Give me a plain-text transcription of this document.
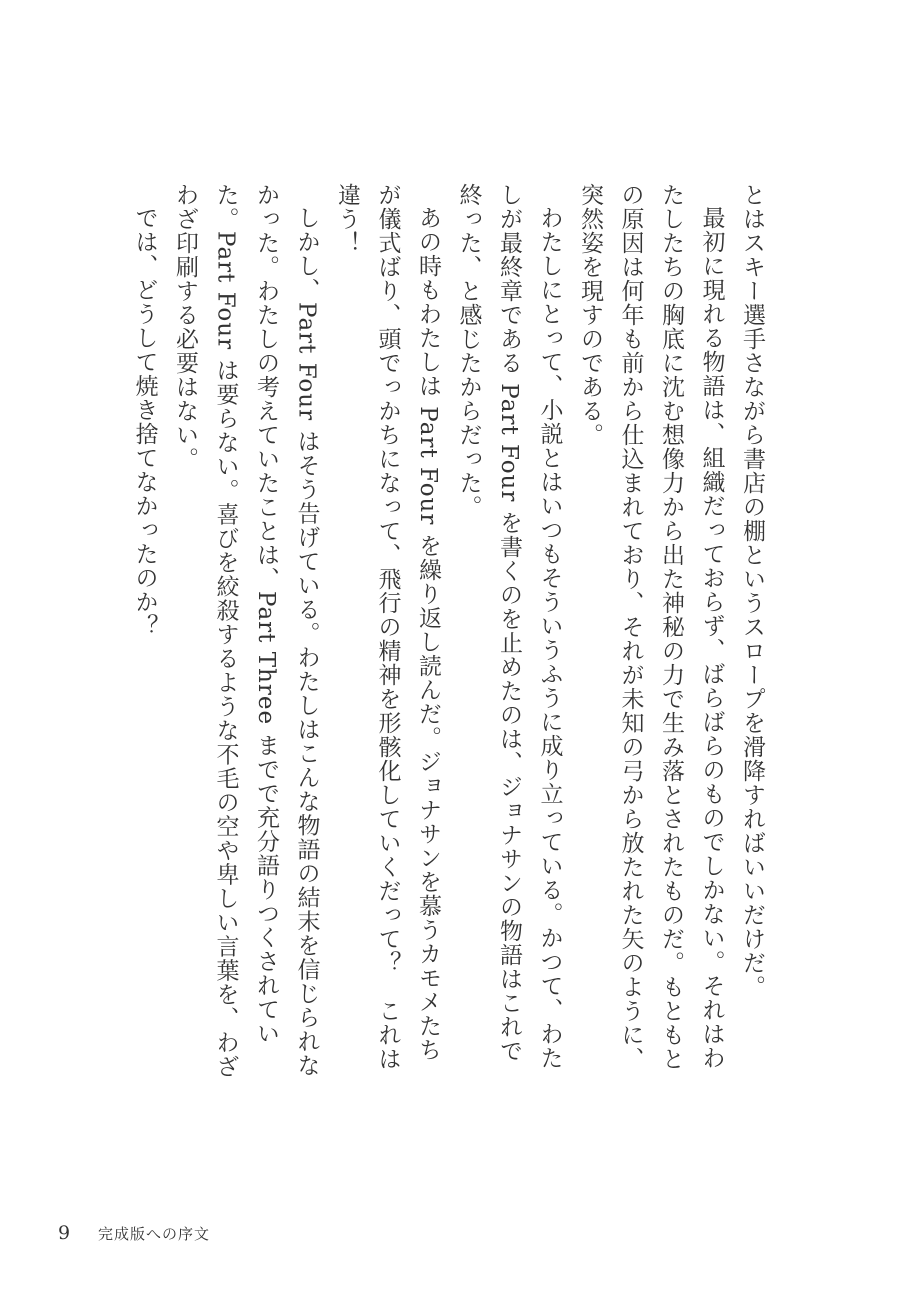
とはスキー選手さながら書店の棚というスロープを滑降すればいいだけだ。

最初に現れる物語は、組織だっておらず、ばらばらのものでしかない。それはわたしたちの胸底に沈む想像力から出た神秘の力で生み落とされたものだ。もともとの原因は何年も前から仕込まれており、それが未知の弓から放たれた矢のように、突然姿を現すのである。

わたしにとって、小説とはいつもそういうふうに成り立っている。かつて、わたしが最終章である Part Four を書くのを止めたのは、ジョナサンの物語はこれで終った、と感じたからだった。

あの時もわたしは Part Four を繰り返し読んだ。ジョナサンを慕うカモメたちが儀式ばり、頭でっかちになって、飛行の精神を形骸化していくだって？　これは違う！

しかし、Part Four はそう告げている。わたしはこんな物語の結末を信じられなかった。わたしの考えていたことは、Part Three までで充分語りつくされていた。Part Four は要らない。喜びを絞殺するような不毛の空や卑しい言葉を、わざわざ印刷する必要はない。

では、どうして焼き捨てなかったのか？

9	完成版への序文
